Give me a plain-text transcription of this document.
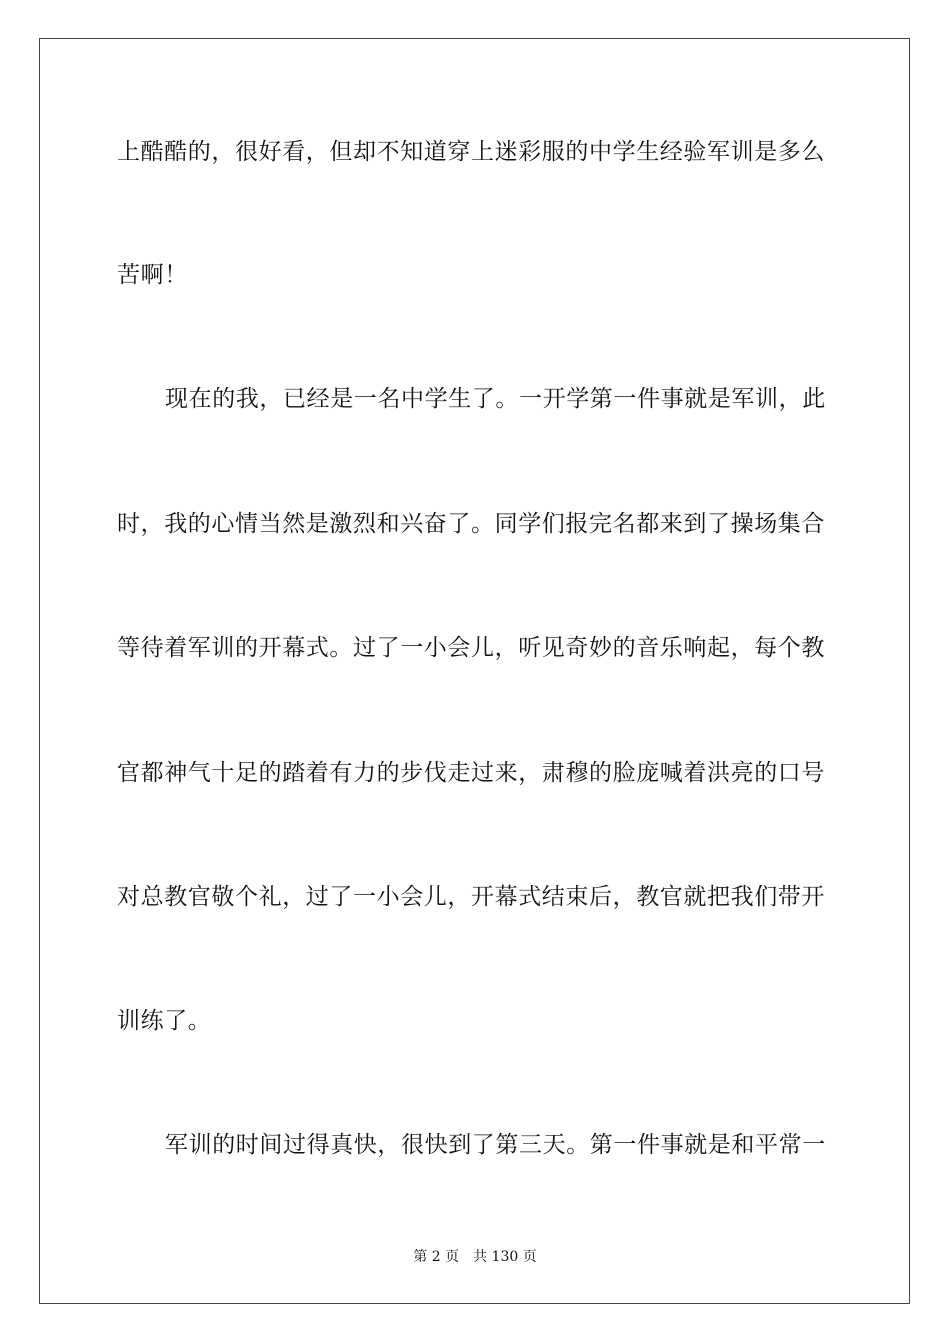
上酷酷的，很好看，但却不知道穿上迷彩服的中学生经验军训是多么
苦啊！
现在的我，已经是一名中学生了。一开学第一件事就是军训，此
时，我的心情当然是激烈和兴奋了。同学们报完名都来到了操场集合
等待着军训的开幕式。过了一小会儿，听见奇妙的音乐响起，每个教
官都神气十足的踏着有力的步伐走过来，肃穆的脸庞喊着洪亮的口号
对总教官敬个礼，过了一小会儿，开幕式结束后，教官就把我们带开
训练了。
军训的时间过得真快，很快到了第三天。第一件事就是和平常一
第 2 页 共 130 页
